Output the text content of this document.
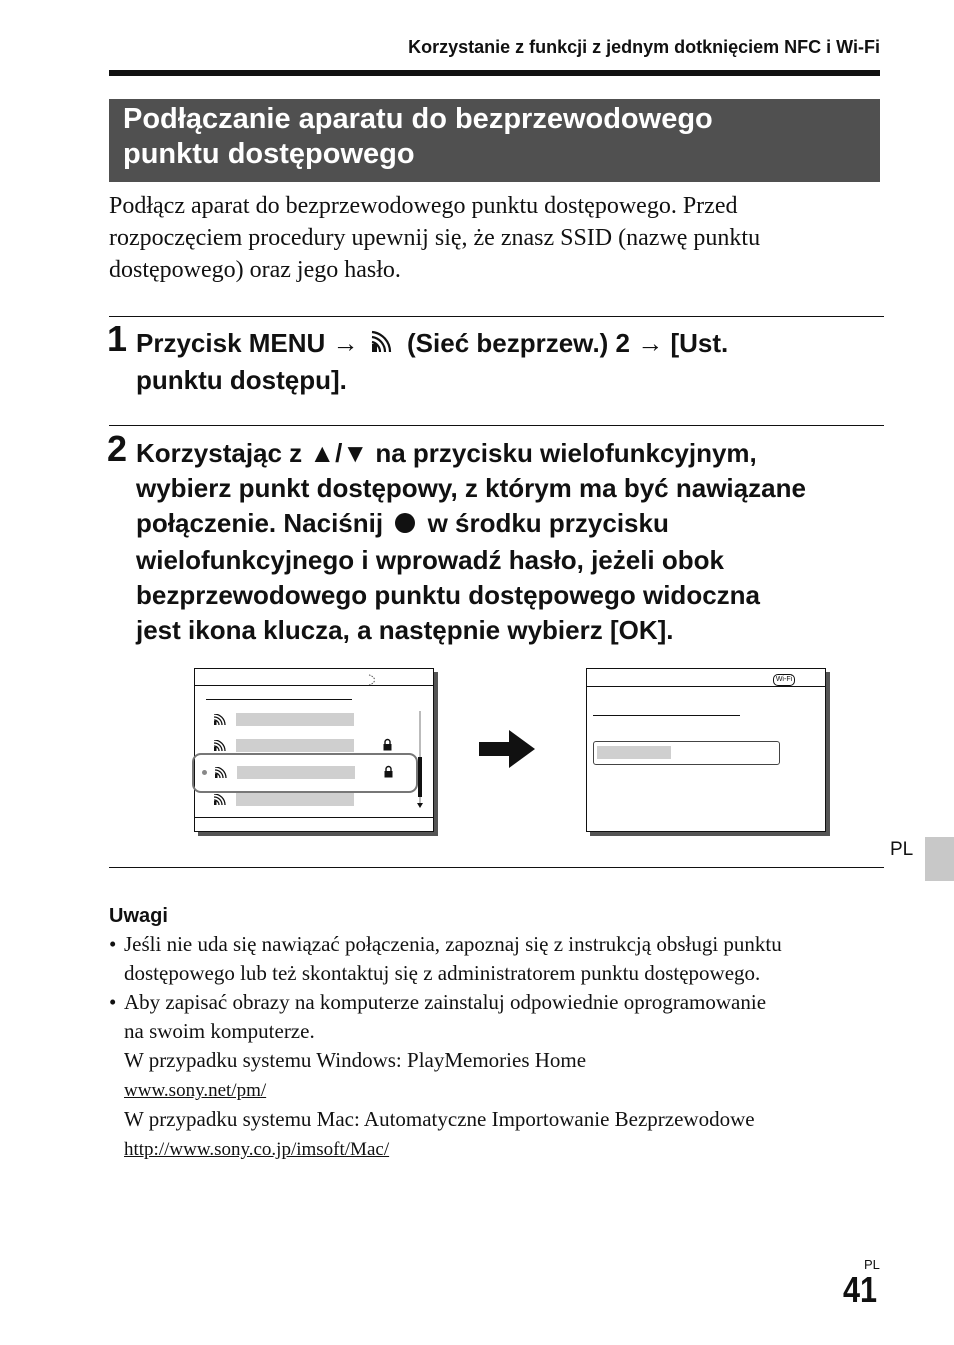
Korzystanie z funkcji z jednym dotknięciem NFC i Wi-Fi
Podłączanie aparatu do bezprzewodowego
punktu dostępowego
Podłącz aparat do bezprzewodowego punktu dostępowego. Przed
rozpoczęciem procedury upewnij się, że znasz SSID (nazwę punktu
dostępowego) oraz jego hasło.
1 Przycisk MENU → (Sieć bezprzew.) 2 → [Ust.
punktu dostępu].
2 Korzystając z ▲/▼ na przycisku wielofunkcyjnym,
wybierz punkt dostępowy, z którym ma być nawiązane
połączenie. Naciśnij w środku przycisku
wielofunkcyjnego i wprowadź hasło, jeżeli obok
bezprzewodowego punktu dostępowego widoczna
jest ikona klucza, a następnie wybierz [OK].
Wi-Fi
PL
Uwagi
• Jeśli nie uda się nawiązać połączenia, zapoznaj się z instrukcją obsługi punktu
dostępowego lub też skontaktuj się z administratorem punktu dostępowego.
• Aby zapisać obrazy na komputerze zainstaluj odpowiednie oprogramowanie
na swoim komputerze.
W przypadku systemu Windows: PlayMemories Home
www.sony.net/pm/
W przypadku systemu Mac: Automatyczne Importowanie Bezprzewodowe
http://www.sony.co.jp/imsoft/Mac/
PL
41
